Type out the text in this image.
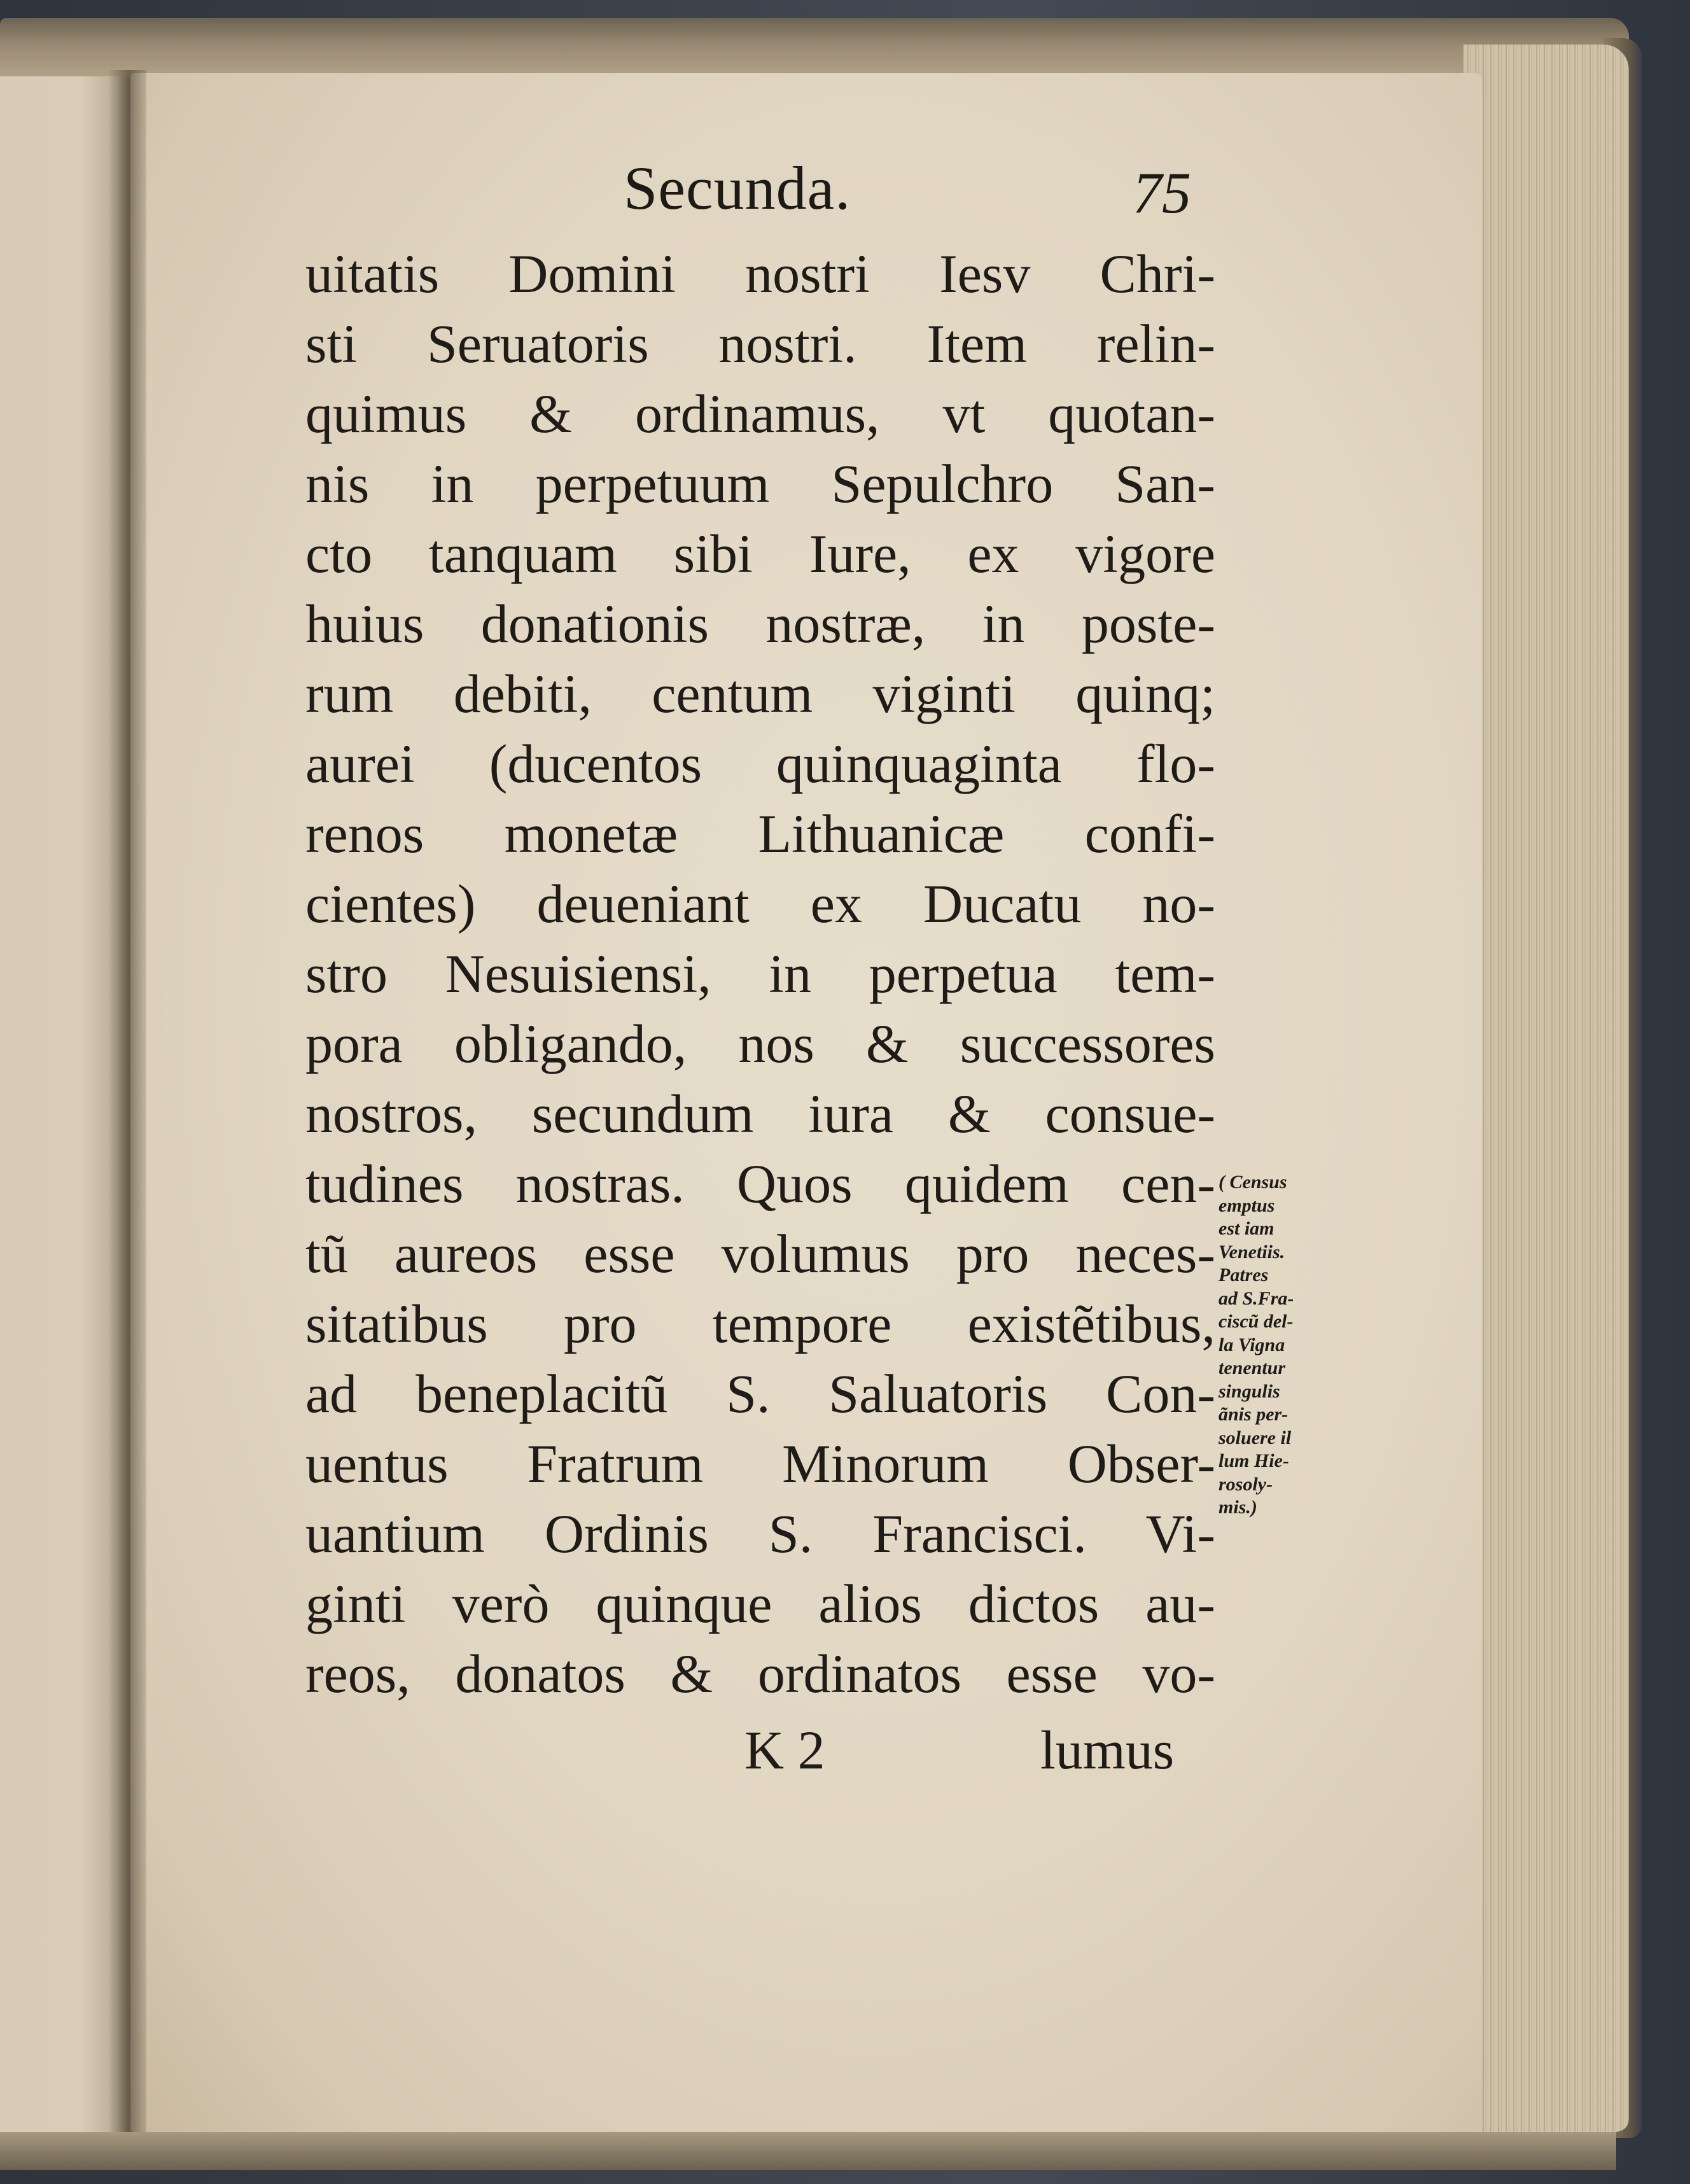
Secunda.	75
uitatis Domini nostri Iesv Chri-
sti Seruatoris nostri. Item relin-
quimus & ordinamus, vt quotan-
nis in perpetuum Sepulchro San-
cto tanquam sibi Iure, ex vigore
huius donationis nostræ, in poste-
rum debiti, centum viginti quinq;
aurei (ducentos quinquaginta flo-
renos monetæ Lithuanicæ confi-
cientes) deueniant ex Ducatu no-
stro Nesuisiensi, in perpetua tem-
pora obligando, nos & successores
nostros, secundum iura & consue-
tudines nostras. Quos quidem cen-
tũ aureos esse volumus pro neces-
sitatibus pro tempore existẽtibus,
ad beneplacitũ S. Saluatoris Con-
uentus Fratrum Minorum Obser-
uantium Ordinis S. Francisci. Vi-
ginti verò quinque alios dictos au-
reos, donatos & ordinatos esse vo-
K 2	lumus
( Census
emptus
est iam
Venetiis.
Patres
ad S.Fra-
ciscũ del-
la Vigna
tenentur
singulis
ãnis per-
soluere il
lum Hie-
rosoly-
mis.)
